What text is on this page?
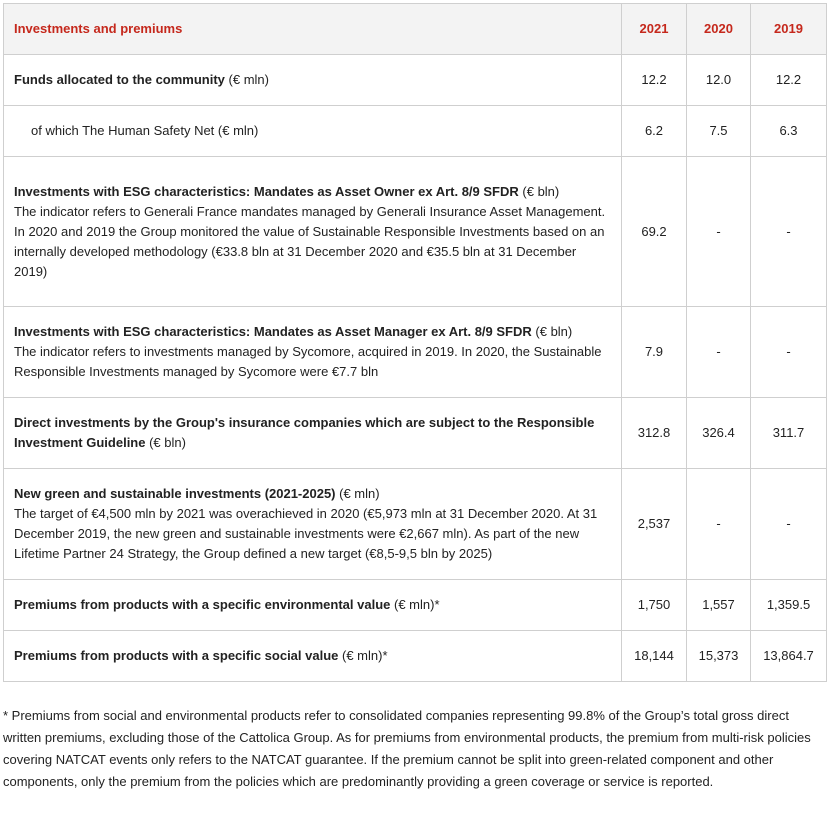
Investments and premiums	2021	2020	2019
Funds allocated to the community (€ mln)	12.2	12.0	12.2
of which The Human Safety Net (€ mln)	6.2	7.5	6.3
Investments with ESG characteristics: Mandates as Asset Owner ex Art. 8/9 SFDR (€ bln)
The indicator refers to Generali France mandates managed by Generali Insurance Asset Management.
In 2020 and 2019 the Group monitored the value of Sustainable Responsible Investments based on an internally developed methodology (€33.8 bln at 31 December 2020 and €35.5 bln at 31 December 2019)	69.2	-	-
Investments with ESG characteristics: Mandates as Asset Manager ex Art. 8/9 SFDR (€ bln)
The indicator refers to investments managed by Sycomore, acquired in 2019. In 2020, the Sustainable Responsible Investments managed by Sycomore were €7.7 bln	7.9	-	-
Direct investments by the Group's insurance companies which are subject to the Responsible Investment Guideline (€ bln)	312.8	326.4	311.7
New green and sustainable investments (2021-2025) (€ mln)
The target of €4,500 mln by 2021 was overachieved in 2020 (€5,973 mln at 31 December 2020. At 31 December 2019, the new green and sustainable investments were €2,667 mln). As part of the new Lifetime Partner 24 Strategy, the Group defined a new target (€8,5-9,5 bln by 2025)	2,537	-	-
Premiums from products with a specific environmental value (€ mln)*	1,750	1,557	1,359.5
Premiums from products with a specific social value (€ mln)*	18,144	15,373	13,864.7
* Premiums from social and environmental products refer to consolidated companies representing 99.8% of the Group’s total gross direct written premiums, excluding those of the Cattolica Group. As for premiums from environmental products, the premium from multi-risk policies covering NATCAT events only refers to the NATCAT guarantee. If the premium cannot be split into green-related component and other components, only the premium from the policies which are predominantly providing a green coverage or service is reported.
